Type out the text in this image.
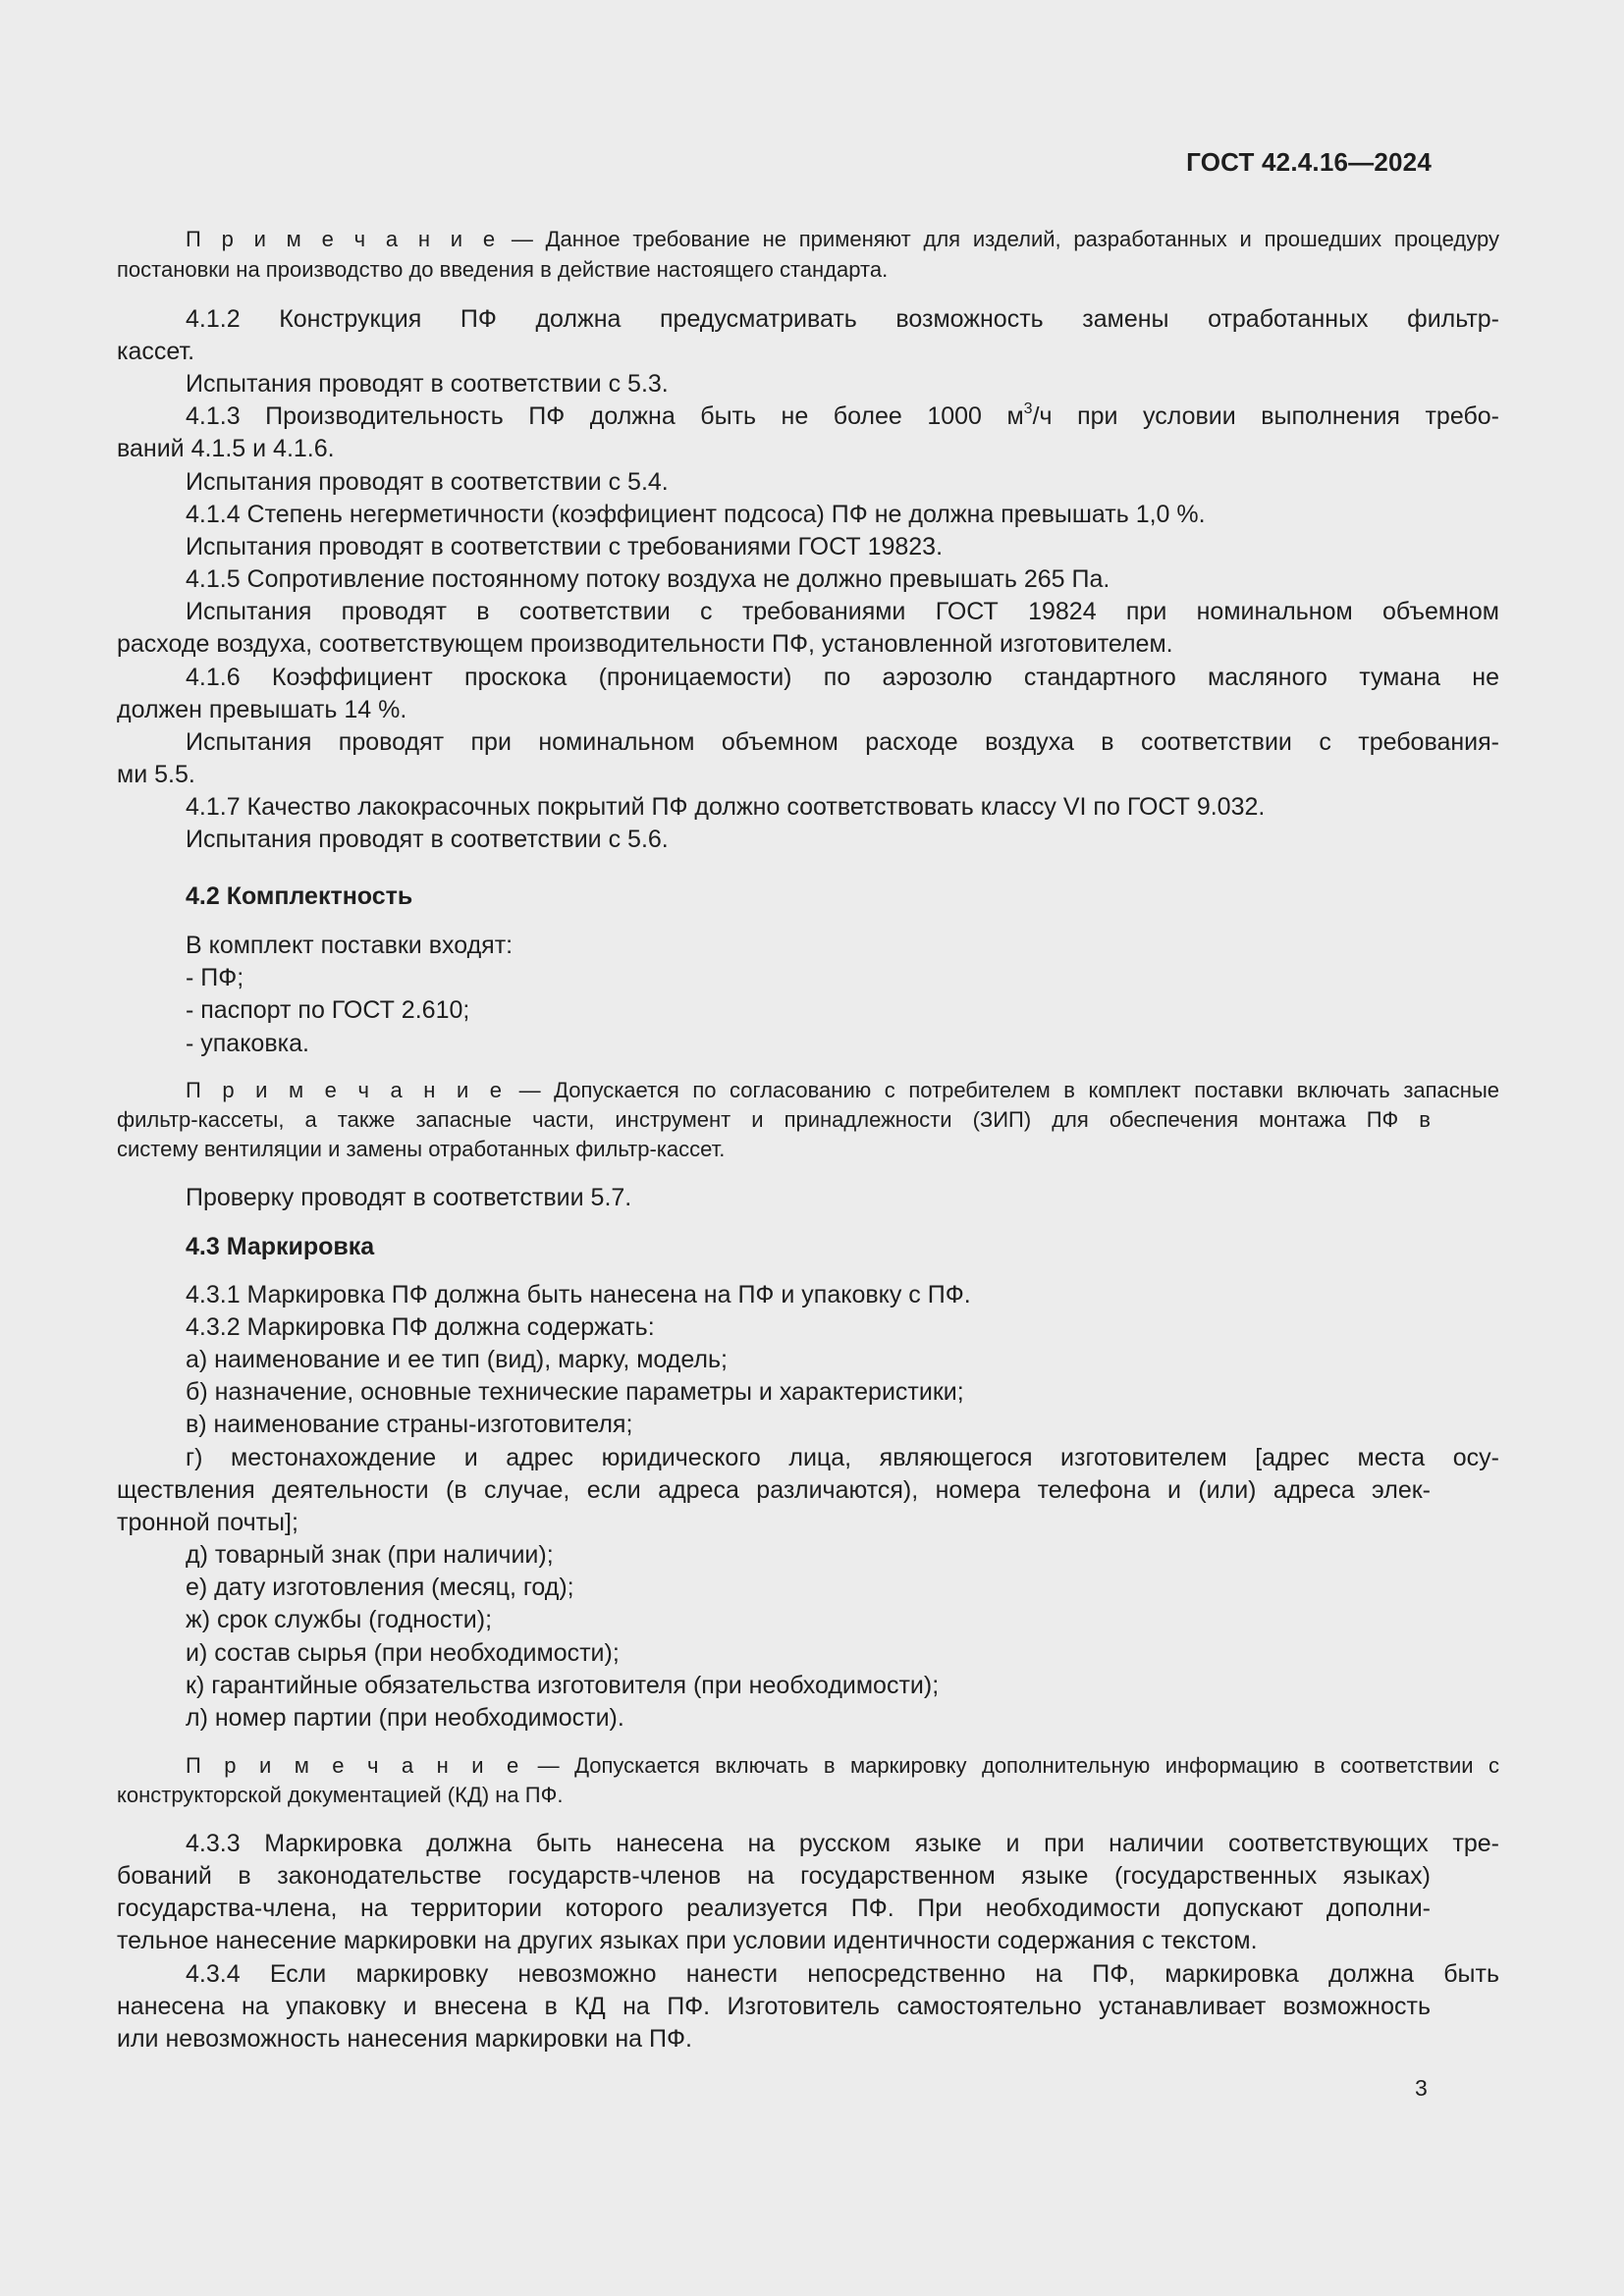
ГОСТ 42.4.16—2024
П р и м е ч а н и е — Данное требование не применяют для изделий, разработанных и прошедших процедуру
постановки на производство до введения в действие настоящего стандарта.
4.1.2 Конструкция ПФ должна предусматривать возможность замены отработанных фильтр-
кассет.
Испытания проводят в соответствии с 5.3.
4.1.3 Производительность ПФ должна быть не более 1000 $м^3/ч$ при условии выполнения требо-
ваний 4.1.5 и 4.1.6.
Испытания проводят в соответствии с 5.4.
4.1.4 Степень негерметичности (коэффициент подсоса) ПФ не должна превышать 1,0 %.
Испытания проводят в соответствии с требованиями ГОСТ 19823.
4.1.5 Сопротивление постоянному потоку воздуха не должно превышать 265 Па.
Испытания проводят в соответствии с требованиями ГОСТ 19824 при номинальном объемном
расходе воздуха, соответствующем производительности ПФ, установленной изготовителем.
4.1.6 Коэффициент проскока (проницаемости) по аэрозолю стандартного масляного тумана не
должен превышать 14 %.
Испытания проводят при номинальном объемном расходе воздуха в соответствии с требования-
ми 5.5.
4.1.7 Качество лакокрасочных покрытий ПФ должно соответствовать классу VI по ГОСТ 9.032.
Испытания проводят в соответствии с 5.6.
4.2 Комплектность
В комплект поставки входят:
- ПФ;
- паспорт по ГОСТ 2.610;
- упаковка.
П р и м е ч а н и е — Допускается по согласованию с потребителем в комплект поставки включать запасные
фильтр-кассеты, а также запасные части, инструмент и принадлежности (ЗИП) для обеспечения монтажа ПФ в
систему вентиляции и замены отработанных фильтр-кассет.
Проверку проводят в соответствии 5.7.
4.3 Маркировка
4.3.1 Маркировка ПФ должна быть нанесена на ПФ и упаковку с ПФ.
4.3.2 Маркировка ПФ должна содержать:
а) наименование и ее тип (вид), марку, модель;
б) назначение, основные технические параметры и характеристики;
в) наименование страны-изготовителя;
г) местонахождение и адрес юридического лица, являющегося изготовителем [адрес места осу-
ществления деятельности (в случае, если адреса различаются), номера телефона и (или) адреса элек-
тронной почты];
д) товарный знак (при наличии);
е) дату изготовления (месяц, год);
ж) срок службы (годности);
и) состав сырья (при необходимости);
к) гарантийные обязательства изготовителя (при необходимости);
л) номер партии (при необходимости).
П р и м е ч а н и е — Допускается включать в маркировку дополнительную информацию в соответствии с
конструкторской документацией (КД) на ПФ.
4.3.3 Маркировка должна быть нанесена на русском языке и при наличии соответствующих тре-
бований в законодательстве государств-членов на государственном языке (государственных языках)
государства-члена, на территории которого реализуется ПФ. При необходимости допускают дополни-
тельное нанесение маркировки на других языках при условии идентичности содержания с текстом.
4.3.4 Если маркировку невозможно нанести непосредственно на ПФ, маркировка должна быть
нанесена на упаковку и внесена в КД на ПФ. Изготовитель самостоятельно устанавливает возможность
или невозможность нанесения маркировки на ПФ.
3
